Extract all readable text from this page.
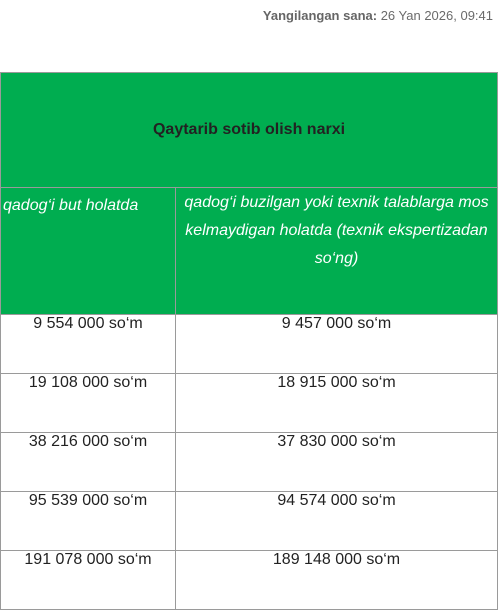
Yangilangan sana: 26 Yan 2026, 09:41
Qaytarib sotib olish narxi	
qadog‘i but holatda	qadog‘i buzilgan yoki texnik talablarga mos kelmaydigan holatda (texnik ekspertizadan so‘ng)
9 554 000 so‘m	9 457 000 so‘m
19 108 000 so‘m	18 915 000 so‘m
38 216 000 so‘m	37 830 000 so‘m
95 539 000 so‘m	94 574 000 so‘m
191 078 000 so‘m	189 148 000 so‘m
